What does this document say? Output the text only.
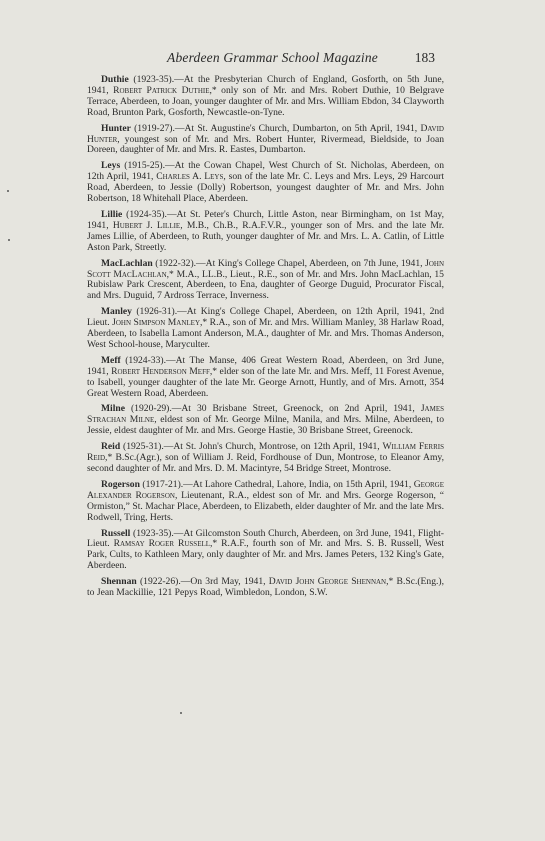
Aberdeen Grammar School Magazine	183

Duthie (1923-35).—At the Presbyterian Church of England, Gosforth, on 5th June, 1941, Robert Patrick Duthie,* only son of Mr. and Mrs. Robert Duthie, 10 Belgrave Terrace, Aberdeen, to Joan, younger daughter of Mr. and Mrs. William Ebdon, 34 Clayworth Road, Brunton Park, Gosforth, Newcastle-on-Tyne.

Hunter (1919-27).—At St. Augustine's Church, Dumbarton, on 5th April, 1941, David Hunter, youngest son of Mr. and Mrs. Robert Hunter, Rivermead, Bieldside, to Joan Doreen, daughter of Mr. and Mrs. R. Eastes, Dumbarton.

Leys (1915-25).—At the Cowan Chapel, West Church of St. Nicholas, Aberdeen, on 12th April, 1941, Charles A. Leys, son of the late Mr. C. Leys and Mrs. Leys, 29 Harcourt Road, Aberdeen, to Jessie (Dolly) Robertson, youngest daughter of Mr. and Mrs. John Robertson, 18 Whitehall Place, Aberdeen.

Lillie (1924-35).—At St. Peter's Church, Little Aston, near Birmingham, on 1st May, 1941, Hubert J. Lillie, M.B., Ch.B., R.A.F.V.R., younger son of Mrs. and the late Mr. James Lillie, of Aberdeen, to Ruth, younger daughter of Mr. and Mrs. L. A. Catlin, of Little Aston Park, Streetly.

MacLachlan (1922-32).—At King's College Chapel, Aberdeen, on 7th June, 1941, John Scott MacLachlan,* M.A., LL.B., Lieut., R.E., son of Mr. and Mrs. John MacLachlan, 15 Rubislaw Park Crescent, Aberdeen, to Ena, daughter of George Duguid, Procurator Fiscal, and Mrs. Duguid, 7 Ardross Terrace, Inverness.

Manley (1926-31).—At King's College Chapel, Aberdeen, on 12th April, 1941, 2nd Lieut. John Simpson Manley,* R.A., son of Mr. and Mrs. William Manley, 38 Harlaw Road, Aberdeen, to Isabella Lamont Anderson, M.A., daughter of Mr. and Mrs. Thomas Anderson, West School-house, Maryculter.

Meff (1924-33).—At The Manse, 406 Great Western Road, Aberdeen, on 3rd June, 1941, Robert Henderson Meff,* elder son of the late Mr. and Mrs. Meff, 11 Forest Avenue, to Isabell, younger daughter of the late Mr. George Arnott, Huntly, and of Mrs. Arnott, 354 Great Western Road, Aberdeen.

Milne (1920-29).—At 30 Brisbane Street, Greenock, on 2nd April, 1941, James Strachan Milne, eldest son of Mr. George Milne, Manila, and Mrs. Milne, Aberdeen, to Jessie, eldest daughter of Mr. and Mrs. George Hastie, 30 Brisbane Street, Greenock.

Reid (1925-31).—At St. John's Church, Montrose, on 12th April, 1941, William Ferris Reid,* B.Sc.(Agr.), son of William J. Reid, Fordhouse of Dun, Montrose, to Eleanor Amy, second daughter of Mr. and Mrs. D. M. Macintyre, 54 Bridge Street, Montrose.

Rogerson (1917-21).—At Lahore Cathedral, Lahore, India, on 15th April, 1941, George Alexander Rogerson, Lieutenant, R.A., eldest son of Mr. and Mrs. George Rogerson, “ Ormiston,” St. Machar Place, Aberdeen, to Elizabeth, elder daughter of Mr. and the late Mrs. Rodwell, Tring, Herts.

Russell (1923-35).—At Gilcomston South Church, Aberdeen, on 3rd June, 1941, Flight-Lieut. Ramsay Roger Russell,* R.A.F., fourth son of Mr. and Mrs. S. B. Russell, West Park, Cults, to Kathleen Mary, only daughter of Mr. and Mrs. James Peters, 132 King's Gate, Aberdeen.

Shennan (1922-26).—On 3rd May, 1941, David John George Shennan,* B.Sc.(Eng.), to Jean Mackillie, 121 Pepys Road, Wimbledon, London, S.W.
